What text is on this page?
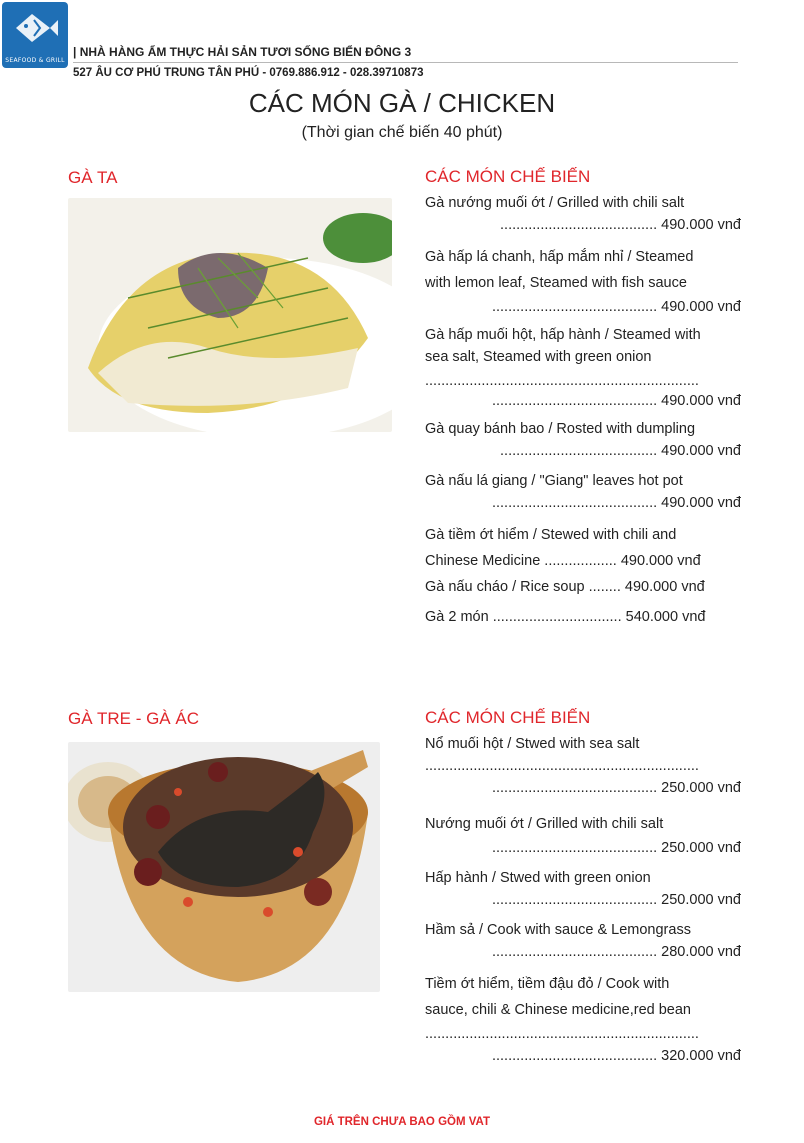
SEAFOOD & GRILL
| NHÀ HÀNG ẨM THỰC HẢI SẢN TƯƠI SỐNG BIỂN ĐÔNG 3
527 ÂU CƠ PHÚ TRUNG TÂN PHÚ - 0769.886.912 - 028.39710873
CÁC MÓN GÀ / CHICKEN
(Thời gian chế biến 40 phút)
GÀ TA	CÁC MÓN CHẾ BIẾN
Gà nướng muối ớt / Grilled with chili salt
....................................... 490.000 vnđ
Gà hấp lá chanh, hấp mắm nhỉ / Steamed
with lemon leaf, Steamed with fish sauce
......................................... 490.000 vnđ
Gà hấp muối hột, hấp hành / Steamed with
sea salt, Steamed with green onion
....................................................................
......................................... 490.000 vnđ
Gà quay bánh bao / Rosted with dumpling
....................................... 490.000 vnđ
Gà nấu lá giang / "Giang" leaves hot pot
......................................... 490.000 vnđ
Gà tiềm ớt hiểm / Stewed with chili and
Chinese Medicine .................. 490.000 vnđ
Gà nấu cháo / Rice soup ........ 490.000 vnđ
Gà 2 món ................................ 540.000 vnđ
GÀ TRE - GÀ ÁC	CÁC MÓN CHẾ BIẾN
Nổ muối hột / Stwed with sea salt
....................................................................
......................................... 250.000 vnđ
Nướng muối ớt / Grilled with chili salt
......................................... 250.000 vnđ
Hấp hành / Stwed with green onion
......................................... 250.000 vnđ
Hầm sả / Cook with sauce & Lemongrass
......................................... 280.000 vnđ
Tiềm ớt hiểm, tiềm đậu đỏ / Cook with
sauce, chili & Chinese medicine,red bean
....................................................................
......................................... 320.000 vnđ
GIÁ TRÊN CHƯA BAO GỒM VAT
